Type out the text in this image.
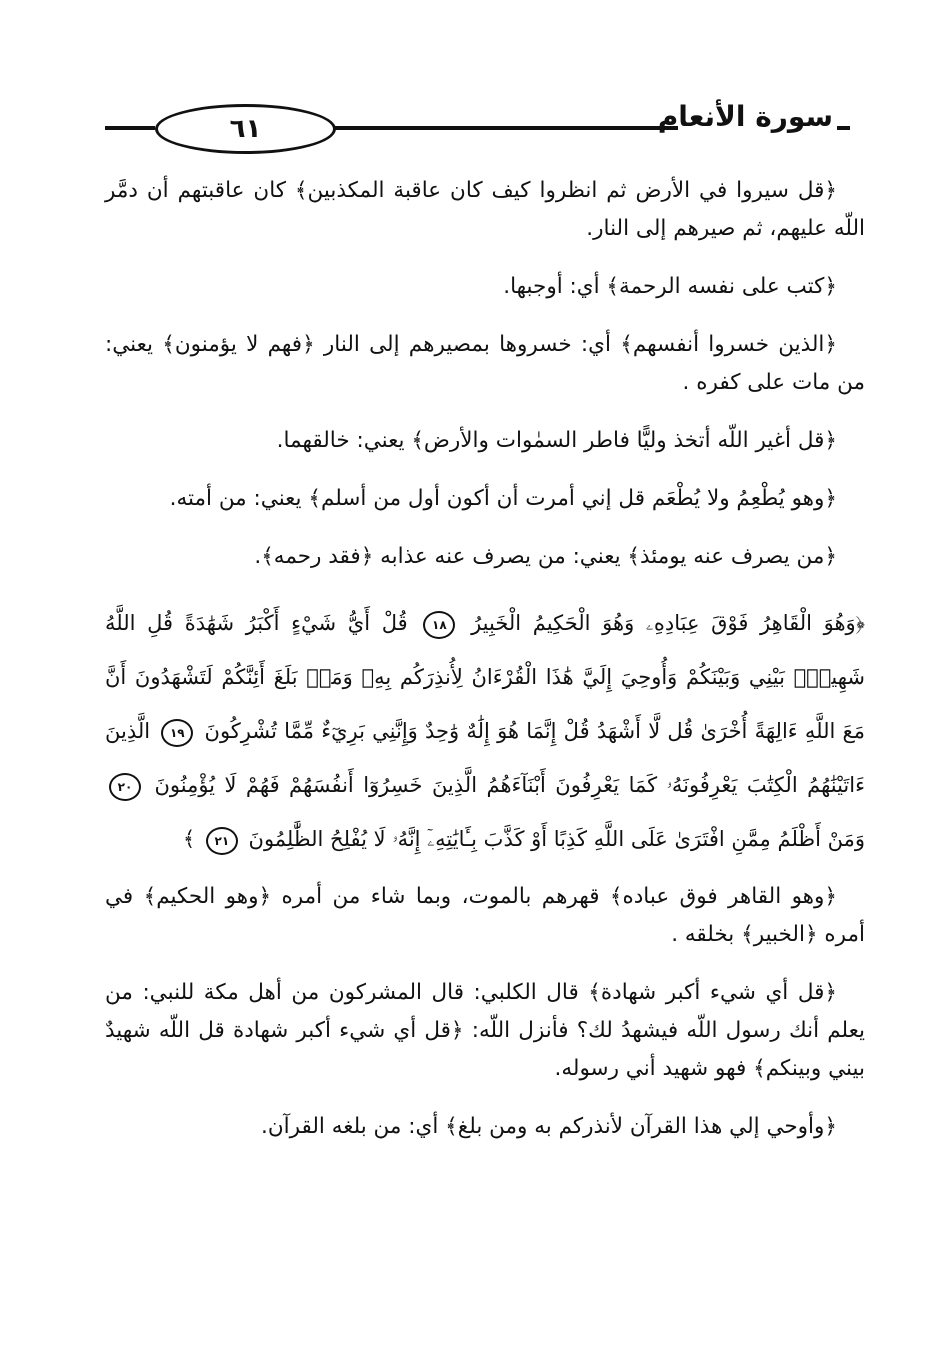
٦١	سورة الأنعام

﴿قل سيروا في الأرض ثم انظروا كيف كان عاقبة المكذبين﴾ كان عاقبتهم أن دمَّر اللّه عليهم، ثم صيرهم إلى النار.

﴿كتب على نفسه الرحمة﴾ أي: أوجبها.

﴿الذين خسروا أنفسهم﴾ أي: خسروها بمصيرهم إلى النار ﴿فهم لا يؤمنون﴾ يعني: من مات على كفره .

﴿قل أغير اللّه أتخذ وليًّا فاطر السمٰوات والأرض﴾ يعني: خالقهما.

﴿وهو يُطْعِمُ ولا يُطْعَم قل إني أمرت أن أكون أول من أسلم﴾ يعني: من أمته.

﴿من يصرف عنه يومئذ﴾ يعني: من يصرف عنه عذابه ﴿فقد رحمه﴾.

﴿وَهُوَ الْقَاهِرُ فَوْقَ عِبَادِهِۦ وَهُوَ الْحَكِيمُ الْخَبِيرُ ١٨ قُلْ أَيُّ شَيْءٍ أَكْبَرُ شَهَٰدَةً قُلِ اللَّهُ شَهِيدٌۢ بَيْنِي وَبَيْنَكُمْ وَأُوحِيَ إِلَيَّ هَٰذَا الْقُرْءَانُ لِأُنذِرَكُم بِهِۦ وَمَنۢ بَلَغَ أَئِنَّكُمْ لَتَشْهَدُونَ أَنَّ مَعَ اللَّهِ ءَالِهَةً أُخْرَىٰ قُل لَّا أَشْهَدُ قُلْ إِنَّمَا هُوَ إِلَٰهٌ وَٰحِدٌ وَإِنَّنِي بَرِيٓءٌ مِّمَّا تُشْرِكُونَ ١٩ الَّذِينَ ءَاتَيْنَٰهُمُ الْكِتَٰبَ يَعْرِفُونَهُۥ كَمَا يَعْرِفُونَ أَبْنَآءَهُمُ الَّذِينَ خَسِرُوٓا أَنفُسَهُمْ فَهُمْ لَا يُؤْمِنُونَ ٢٠ وَمَنْ أَظْلَمُ مِمَّنِ افْتَرَىٰ عَلَى اللَّهِ كَذِبًا أَوْ كَذَّبَ بِـَٔايَٰتِهِۦٓ إِنَّهُۥ لَا يُفْلِحُ الظَّٰلِمُونَ ٢١ ﴾

﴿وهو القاهر فوق عباده﴾ قهرهم بالموت، وبما شاء من أمره ﴿وهو الحكيم﴾ في أمره ﴿الخبير﴾ بخلقه .

﴿قل أي شيء أكبر شهادة﴾ قال الكلبي: قال المشركون من أهل مكة للنبي: من يعلم أنك رسول اللّه فيشهدُ لك؟ فأنزل اللّه: ﴿قل أي شيء أكبر شهادة قل اللّه شهيدٌ بيني وبينكم﴾ فهو شهيد أني رسوله.

﴿وأوحي إلي هذا القرآن لأنذركم به ومن بلغ﴾ أي: من بلغه القرآن.
